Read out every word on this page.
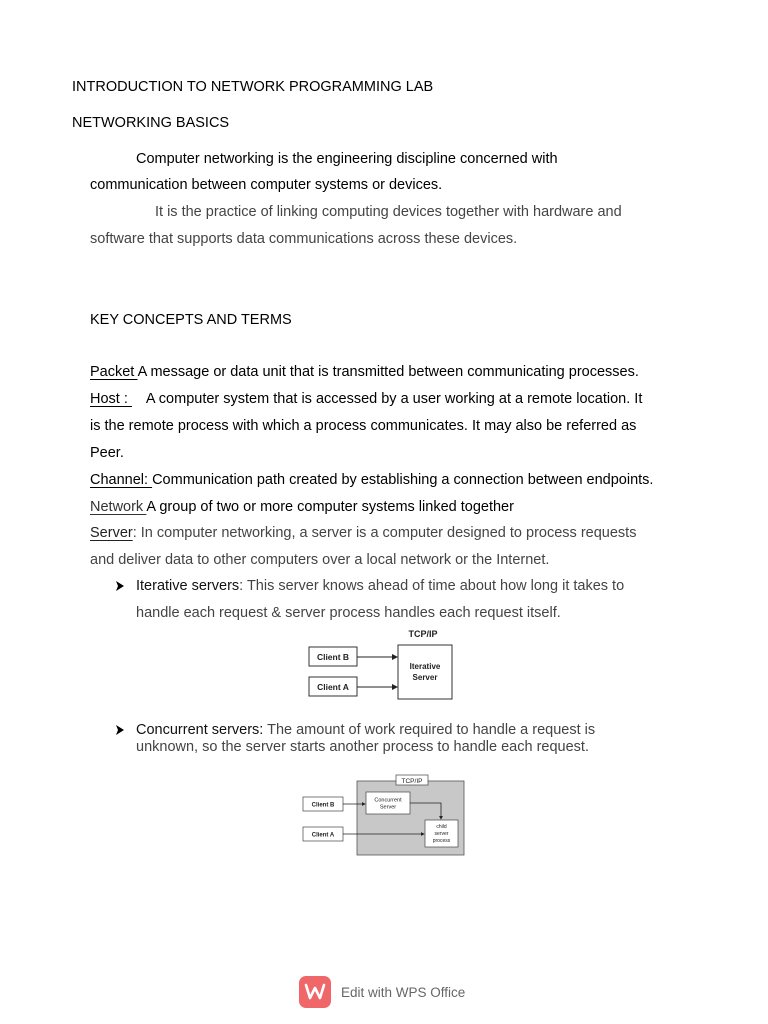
INTRODUCTION TO NETWORK PROGRAMMING LAB
NETWORKING BASICS
Computer networking is the engineering discipline concerned with
communication between computer systems or devices.
It is the practice of linking computing devices together with hardware and
software that supports data communications across these devices.
KEY CONCEPTS AND TERMS
Packet A message or data unit that is transmitted between communicating processes.
Host : A computer system that is accessed by a user working at a remote location. It
is the remote process with which a process communicates. It may also be referred as
Peer.
Channel: Communication path created by establishing a connection between endpoints.
Network A group of two or more computer systems linked together
Server: In computer networking, a server is a computer designed to process requests
and deliver data to other computers over a local network or the Internet.
Iterative servers: This server knows ahead of time about how long it takes to
handle each request & server process handles each request itself.
TCP/IP
Client B
Client A
Iterative
Server
Concurrent servers: The amount of work required to handle a request is
unknown, so the server starts another process to handle each request.
TCP/IP
Client B
Client A
Concurrent
Server
child
server
process
Edit with WPS Office
